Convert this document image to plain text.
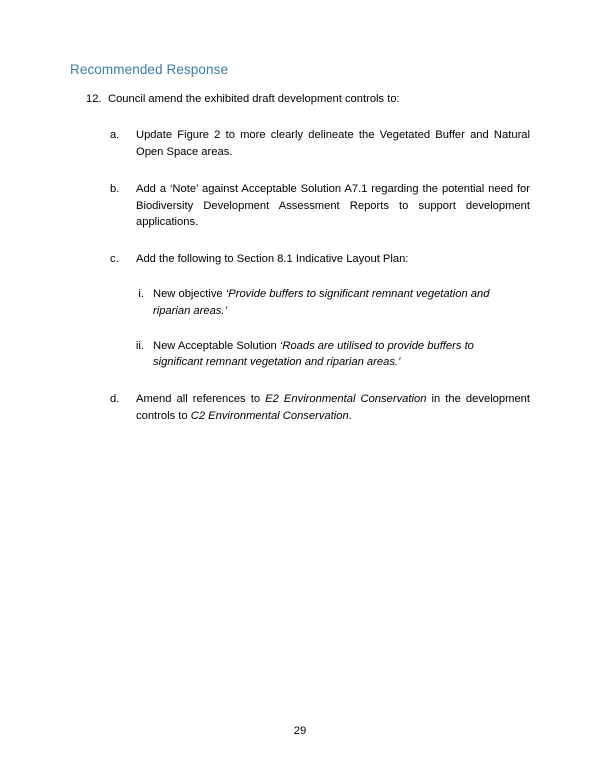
Recommended Response
12. Council amend the exhibited draft development controls to:
a.	Update Figure 2 to more clearly delineate the Vegetated Buffer and Natural Open Space areas.
b.	Add a ‘Note’ against Acceptable Solution A7.1 regarding the potential need for Biodiversity Development Assessment Reports to support development applications.
c.	Add the following to Section 8.1 Indicative Layout Plan:
i. New objective ‘Provide buffers to significant remnant vegetation and riparian areas.’
ii. New Acceptable Solution ‘Roads are utilised to provide buffers to significant remnant vegetation and riparian areas.’
d.	Amend all references to E2 Environmental Conservation in the development controls to C2 Environmental Conservation.
29
